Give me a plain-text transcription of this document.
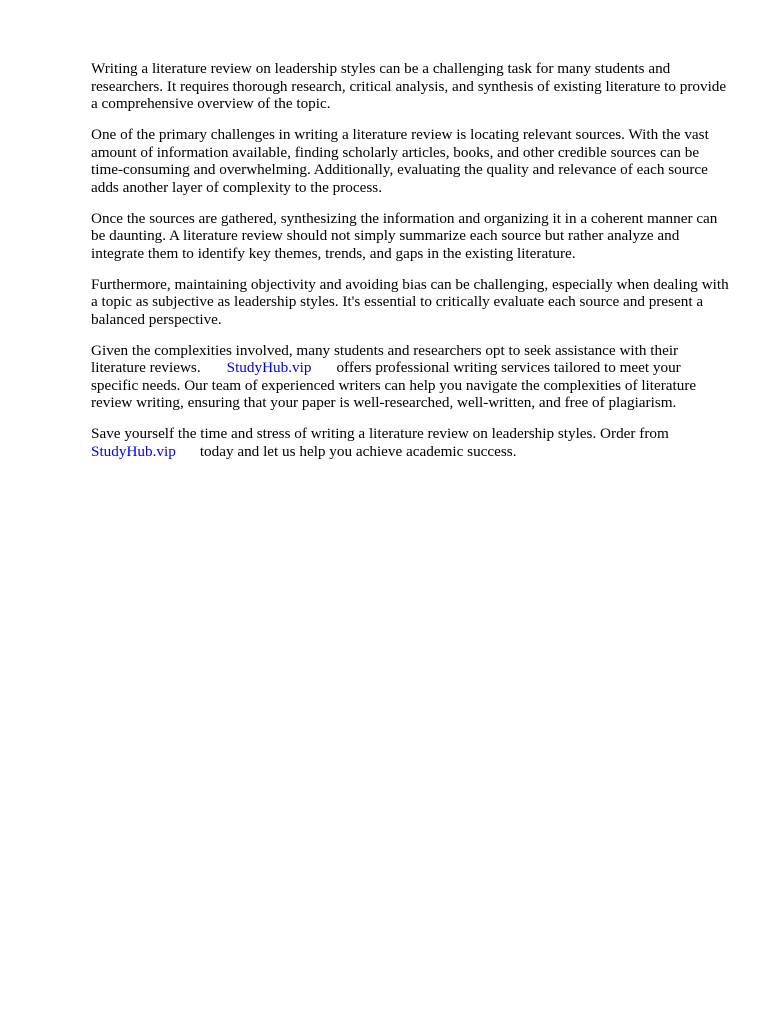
Writing a literature review on leadership styles can be a challenging task for many students and researchers. It requires thorough research, critical analysis, and synthesis of existing literature to provide a comprehensive overview of the topic.

One of the primary challenges in writing a literature review is locating relevant sources. With the vast amount of information available, finding scholarly articles, books, and other credible sources can be time-consuming and overwhelming. Additionally, evaluating the quality and relevance of each source adds another layer of complexity to the process.

Once the sources are gathered, synthesizing the information and organizing it in a coherent manner can be daunting. A literature review should not simply summarize each source but rather analyze and integrate them to identify key themes, trends, and gaps in the existing literature.

Furthermore, maintaining objectivity and avoiding bias can be challenging, especially when dealing with a topic as subjective as leadership styles. It's essential to critically evaluate each source and present a balanced perspective.

Given the complexities involved, many students and researchers opt to seek assistance with their literature reviews. StudyHub.vip offers professional writing services tailored to meet your specific needs. Our team of experienced writers can help you navigate the complexities of literature review writing, ensuring that your paper is well-researched, well-written, and free of plagiarism.

Save yourself the time and stress of writing a literature review on leadership styles. Order from StudyHub.vip today and let us help you achieve academic success.
